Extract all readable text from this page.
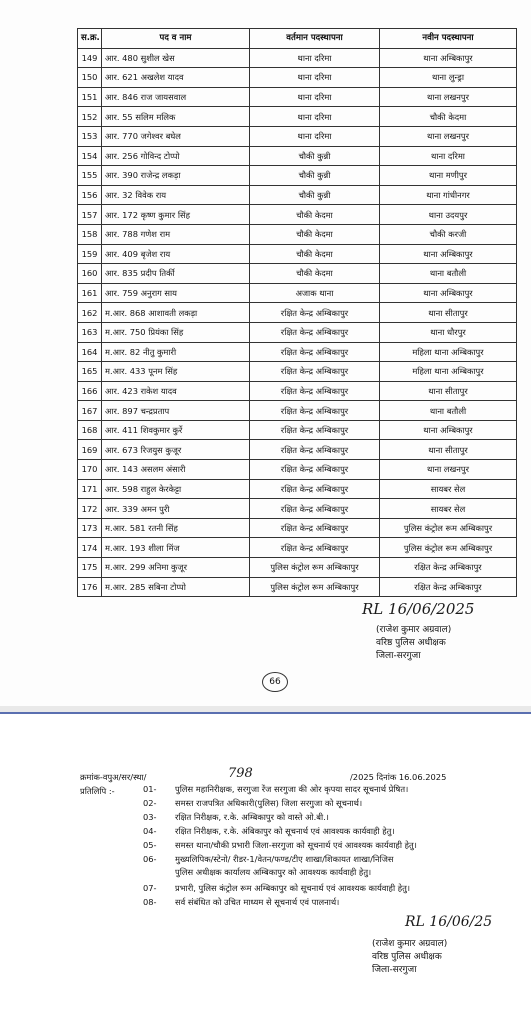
स.क्र.	पद व नाम	वर्तमान पदस्थापना	नवीन पदस्थापना
149	आर. 480 सुशील खेस	थाना दरिमा	थाना अम्बिकापुर
150	आर. 621 अखलेश यादव	थाना दरिमा	थाना लुन्ड्रा
151	आर. 846 राज जायसवाल	थाना दरिमा	थाना लखनपुर
152	आर. 55 सलिम मलिक	थाना दरिमा	चौकी केदमा
153	आर. 770 जगेश्वर बघेल	थाना दरिमा	थाना लखनपुर
154	आर. 256 गोविन्द टोप्पो	चौकी कुन्नी	थाना दरिमा
155	आर. 390 राजेन्द्र लकड़ा	चौकी कुन्नी	थाना मणीपुर
156	आर. 32 विवेक राय	चौकी कुन्नी	थाना गांधीनगर
157	आर. 172 कृष्ण कुमार सिंह	चौकी केदमा	थाना उदयपुर
158	आर. 788 गणेश राम	चौकी केदमा	चौकी करजी
159	आर. 409 बृजेश राय	चौकी केदमा	थाना अम्बिकापुर
160	आर. 835 प्रदीप तिर्की	चौकी केदमा	थाना बतौली
161	आर. 759 अनुराग साय	अजाक थाना	थाना अम्बिकापुर
162	म.आर. 868 आशावती लकड़ा	रक्षित केन्द्र अम्बिकापुर	थाना सीतापुर
163	म.आर. 750 प्रियंका सिंह	रक्षित केन्द्र अम्बिकापुर	थाना धौरपुर
164	म.आर. 82 नीतु कुमारी	रक्षित केन्द्र अम्बिकापुर	महिला थाना अम्बिकापुर
165	म.आर. 433 पूनम सिंह	रक्षित केन्द्र अम्बिकापुर	महिला थाना अम्बिकापुर
166	आर. 423 राकेश यादव	रक्षित केन्द्र अम्बिकापुर	थाना सीतापुर
167	आर. 897 चन्द्रप्रताप	रक्षित केन्द्र अम्बिकापुर	थाना बतौली
168	आर. 411 शिवकुमार कुर्रे	रक्षित केन्द्र अम्बिकापुर	थाना अम्बिकापुर
169	आर. 673 रिजयुस कुजूर	रक्षित केन्द्र अम्बिकापुर	थाना सीतापुर
170	आर. 143 असलम अंसारी	रक्षित केन्द्र अम्बिकापुर	थाना लखनपुर
171	आर. 598 राहुल केरकेट्टा	रक्षित केन्द्र अम्बिकापुर	सायबर सेल
172	आर. 339 अमन पुरी	रक्षित केन्द्र अम्बिकापुर	सायबर सेल
173	म.आर. 581 रतनी सिंह	रक्षित केन्द्र अम्बिकापुर	पुलिस कंट्रोल रूम अम्बिकापुर
174	म.आर. 193 शीला मिंज	रक्षित केन्द्र अम्बिकापुर	पुलिस कंट्रोल रूम अम्बिकापुर
175	म.आर. 299 अनिमा कुजूर	पुलिस कंट्रोल रूम अम्बिकापुर	रक्षित केन्द्र अम्बिकापुर
176	म.आर. 285 सबिना टोप्पो	पुलिस कंट्रोल रूम अम्बिकापुर	रक्षित केन्द्र अम्बिकापुर
RL 16/06/2025
(राजेश कुमार अग्रवाल)
वरिष्ठ पुलिस अधीक्षक
जिला-सरगुजा
66
क्रमांक-वपुअ/सर/स्था/	798	/2025 दिनांक 16.06.2025
प्रतिलिपि :-	01- पुलिस महानिरीक्षक, सरगुजा रेंज सरगुजा की ओर कृपया सादर सूचनार्थ प्रेषित।
02- समस्त राजपत्रित अधिकारी(पुलिस) जिला सरगुजा को सूचनार्थ।
03- रक्षित निरीक्षक, र.के. अम्बिकापुर को वास्ते ओ.बी.।
04- रक्षित निरीक्षक, र.के. अंबिकापुर को सूचनार्थ एवं आवश्यक कार्यवाही हेतु।
05- समस्त थाना/चौकी प्रभारी जिला-सरगुजा को सूचनार्थ एवं आवश्यक कार्यवाही हेतु।
06- मुख्यलिपिक/स्टेनो/ रीडर-1/वेतन/फण्ड/टीए शाखा/शिकायत शाखा/निजिस
पुलिस अधीक्षक कार्यालय अम्बिकापुर को आवश्यक कार्यवाही हेतु।
07- प्रभारी, पुलिस कंट्रोल रूम अम्बिकापुर को सूचनार्थ एवं आवश्यक कार्यवाही हेतु।
08- सर्व संबंधित को उचित माध्यम से सूचनार्थ एवं पालनार्थ।
RL 16/06/25
(राजेश कुमार अग्रवाल)
वरिष्ठ पुलिस अधीक्षक
जिला-सरगुजा
